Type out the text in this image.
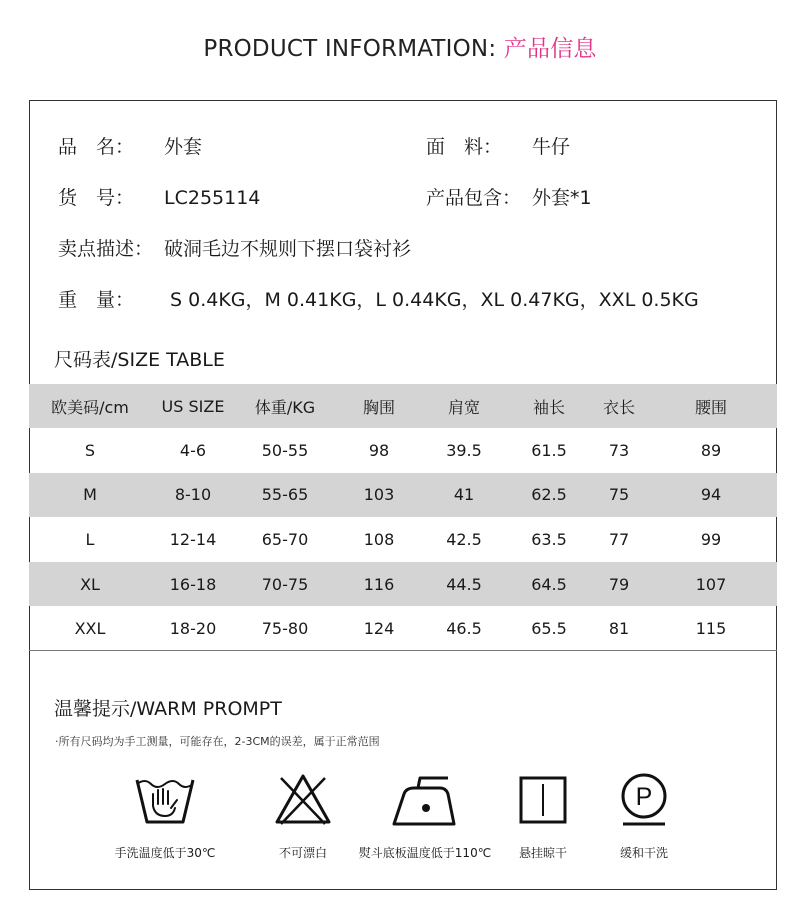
PRODUCT INFORMATION: 产品信息
品　名： 外套	面　料： 牛仔
货　号： LC255114	产品包含： 外套*1
卖点描述： 破洞毛边不规则下摆口袋衬衫
重　量： S 0.4KG，M 0.41KG，L 0.44KG，XL 0.47KG，XXL 0.5KG
尺码表/SIZE TABLE
欧美码/cm	US SIZE	体重/KG	胸围	肩宽	袖长	衣长	腰围
S	4-6	50-55	98	39.5	61.5	73	89
M	8-10	55-65	103	41	62.5	75	94
L	12-14	65-70	108	42.5	63.5	77	99
XL	16-18	70-75	116	44.5	64.5	79	107
XXL	18-20	75-80	124	46.5	65.5	81	115
温馨提示/WARM PROMPT
·所有尺码均为手工测量，可能存在，2-3CM的误差，属于正常范围
手洗温度低于30℃	不可漂白	熨斗底板温度低于110℃	悬挂晾干
P
缓和干洗
